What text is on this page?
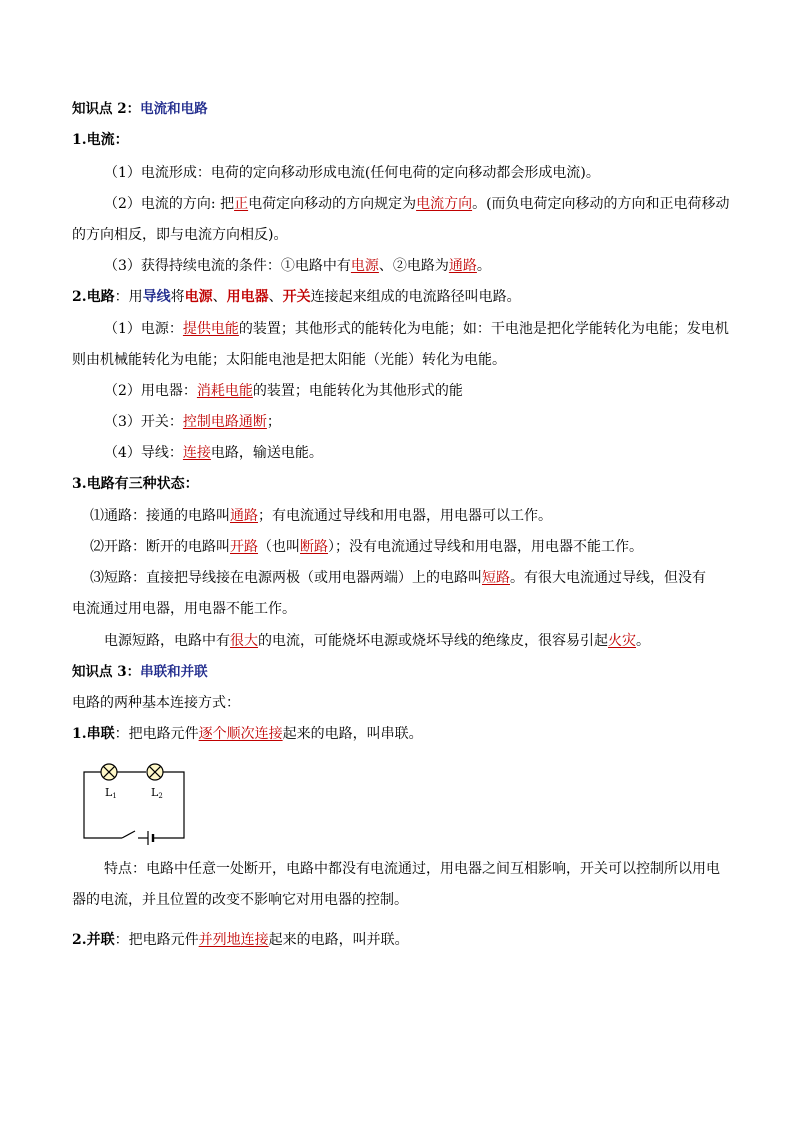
知识点 2：电流和电路
1.电流：
（1）电流形成：电荷的定向移动形成电流(任何电荷的定向移动都会形成电流)。
（2）电流的方向: 把正电荷定向移动的方向规定为电流方向。(而负电荷定向移动的方向和正电荷移动
的方向相反，即与电流方向相反)。
（3）获得持续电流的条件：①电路中有电源、②电路为通路。
2.电路：用导线将电源、用电器、开关连接起来组成的电流路径叫电路。
（1）电源：提供电能的装置；其他形式的能转化为电能；如：干电池是把化学能转化为电能；发电机
则由机械能转化为电能；太阳能电池是把太阳能（光能）转化为电能。
（2）用电器：消耗电能的装置；电能转化为其他形式的能
（3）开关：控制电路通断；
（4）导线：连接电路，输送电能。
3.电路有三种状态：
⑴通路：接通的电路叫通路；有电流通过导线和用电器，用电器可以工作。
⑵开路：断开的电路叫开路（也叫断路）；没有电流通过导线和用电器，用电器不能工作。
⑶短路：直接把导线接在电源两极（或用电器两端）上的电路叫短路。有很大电流通过导线，但没有
电流通过用电器，用电器不能工作。
电源短路，电路中有很大的电流，可能烧坏电源或烧坏导线的绝缘皮，很容易引起火灾。
知识点 3：串联和并联
电路的两种基本连接方式：
1.串联：把电路元件逐个顺次连接起来的电路，叫串联。
L1	L2
特点：电路中任意一处断开，电路中都没有电流通过，用电器之间互相影响，开关可以控制所以用电
器的电流，并且位置的改变不影响它对用电器的控制。
2.并联：把电路元件并列地连接起来的电路，叫并联。
